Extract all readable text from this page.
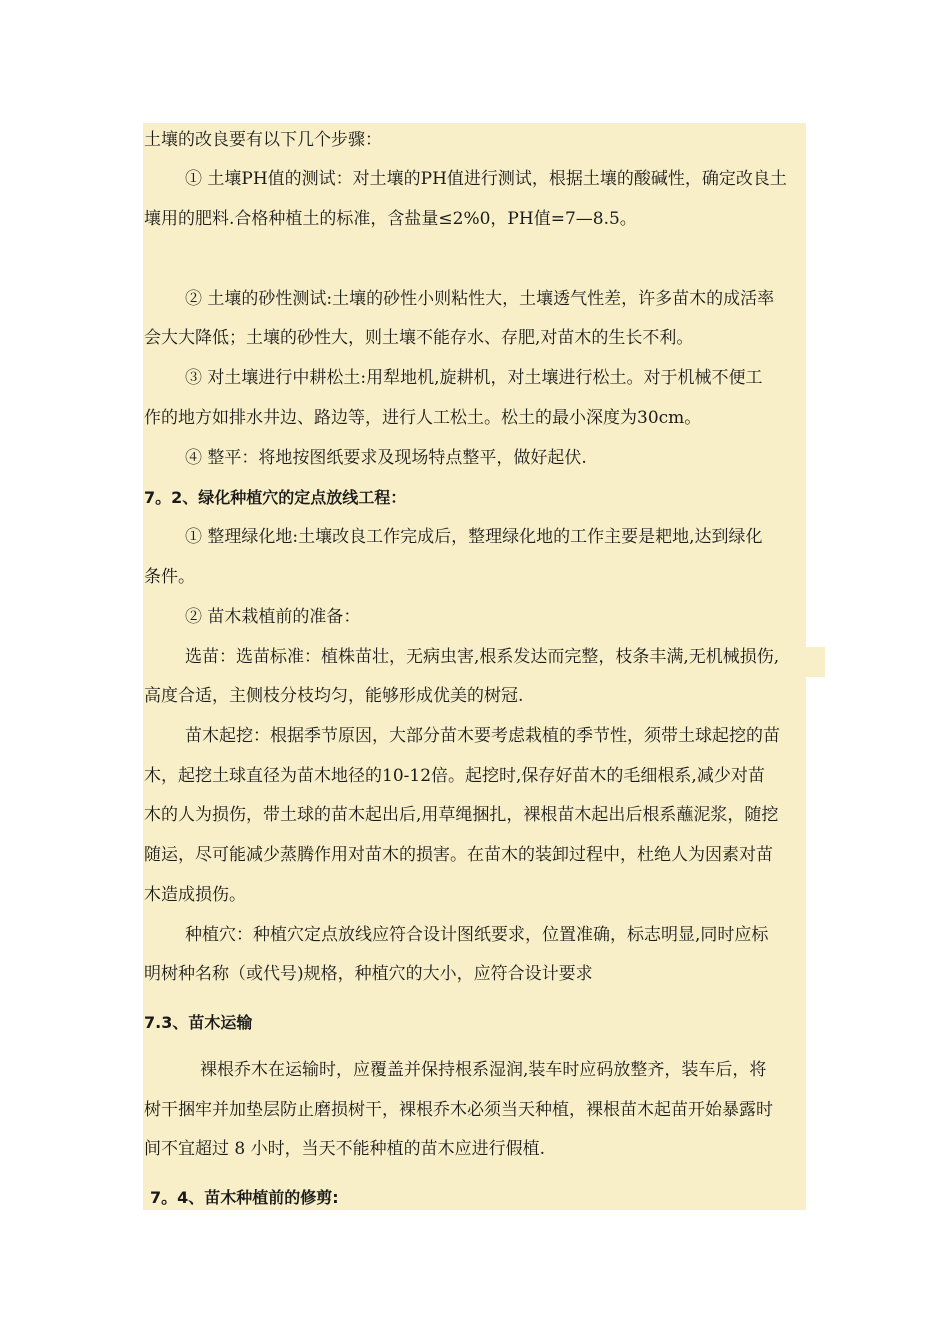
土壤的改良要有以下几个步骤：
① 土壤PH值的测试：对土壤的PH值进行测试，根据土壤的酸碱性，确定改良土
壤用的肥料.合格种植土的标准，含盐量≤2%0，PH值=7—8.5。
② 土壤的砂性测试:土壤的砂性小则粘性大，土壤透气性差，许多苗木的成活率
会大大降低；土壤的砂性大，则土壤不能存水、存肥,对苗木的生长不利。
③ 对土壤进行中耕松土:用犁地机,旋耕机，对土壤进行松土。对于机械不便工
作的地方如排水井边、路边等，进行人工松土。松土的最小深度为30cm。
④ 整平：将地按图纸要求及现场特点整平，做好起伏.
7。2、绿化种植穴的定点放线工程：
① 整理绿化地:土壤改良工作完成后，整理绿化地的工作主要是耙地,达到绿化
条件。
② 苗木栽植前的准备：
选苗：选苗标准：植株苗壮，无病虫害,根系发达而完整，枝条丰满,无机械损伤,
高度合适，主侧枝分枝均匀，能够形成优美的树冠.
苗木起挖：根据季节原因，大部分苗木要考虑栽植的季节性，须带土球起挖的苗
木，起挖土球直径为苗木地径的10-12倍。起挖时,保存好苗木的毛细根系,减少对苗
木的人为损伤，带土球的苗木起出后,用草绳捆扎，裸根苗木起出后根系蘸泥浆，随挖
随运，尽可能减少蒸腾作用对苗木的损害。在苗木的装卸过程中，杜绝人为因素对苗
木造成损伤。
种植穴：种植穴定点放线应符合设计图纸要求，位置准确，标志明显,同时应标
明树种名称（或代号)规格，种植穴的大小，应符合设计要求
7.3、苗木运输
裸根乔木在运输时，应覆盖并保持根系湿润,装车时应码放整齐，装车后，将
树干捆牢并加垫层防止磨损树干，裸根乔木必须当天种植，裸根苗木起苗开始暴露时
间不宜超过 8 小时，当天不能种植的苗木应进行假植.
7。4、苗木种植前的修剪:
